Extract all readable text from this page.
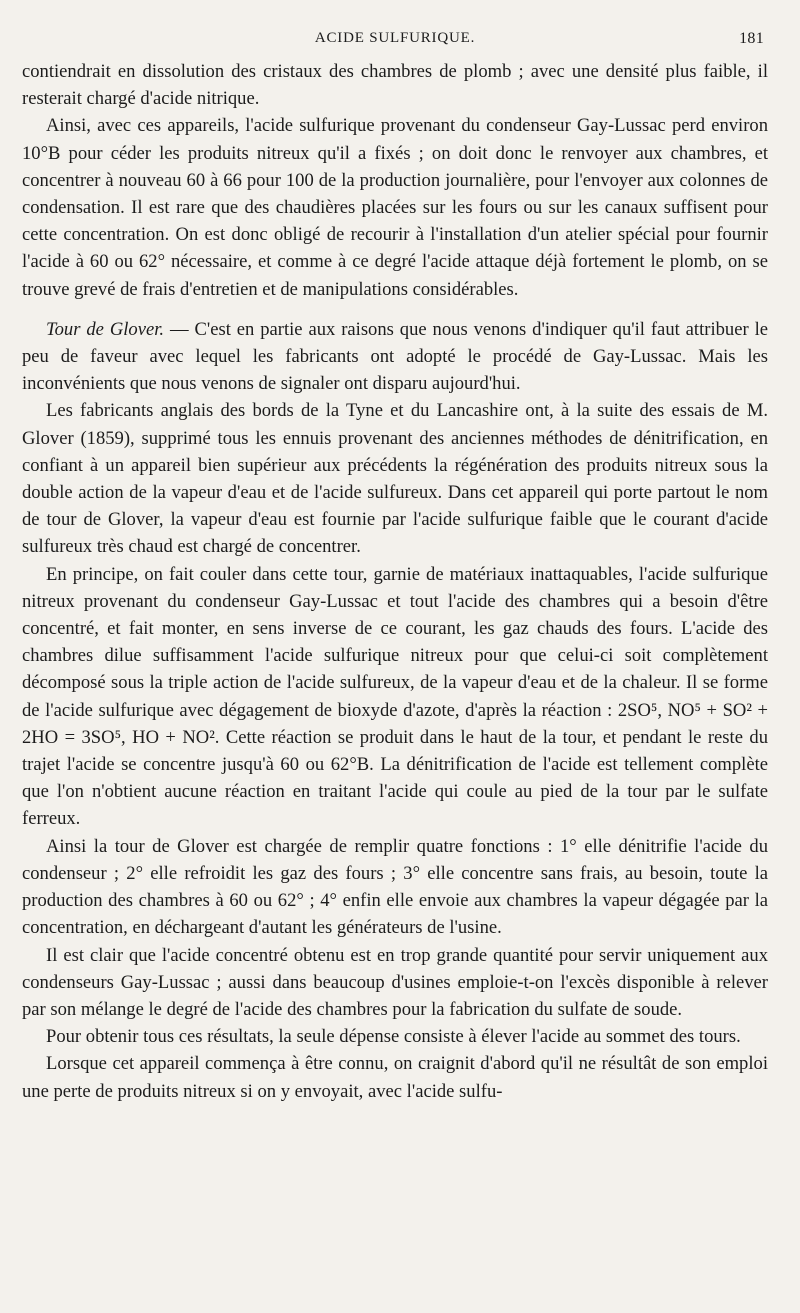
ACIDE SULFURIQUE.	181

contiendrait en dissolution des cristaux des chambres de plomb ; avec une densité plus faible, il resterait chargé d'acide nitrique.

Ainsi, avec ces appareils, l'acide sulfurique provenant du condenseur Gay-Lussac perd environ 10°B pour céder les produits nitreux qu'il a fixés ; on doit donc le renvoyer aux chambres, et concentrer à nouveau 60 à 66 pour 100 de la production journalière, pour l'envoyer aux colonnes de condensation. Il est rare que des chaudières placées sur les fours ou sur les canaux suffisent pour cette concentration. On est donc obligé de recourir à l'installation d'un atelier spécial pour fournir l'acide à 60 ou 62° nécessaire, et comme à ce degré l'acide attaque déjà fortement le plomb, on se trouve grevé de frais d'entretien et de manipulations considérables.

Tour de Glover. — C'est en partie aux raisons que nous venons d'indiquer qu'il faut attribuer le peu de faveur avec lequel les fabricants ont adopté le procédé de Gay-Lussac. Mais les inconvénients que nous venons de signaler ont disparu aujourd'hui.

Les fabricants anglais des bords de la Tyne et du Lancashire ont, à la suite des essais de M. Glover (1859), supprimé tous les ennuis provenant des anciennes méthodes de dénitrification, en confiant à un appareil bien supérieur aux précédents la régénération des produits nitreux sous la double action de la vapeur d'eau et de l'acide sulfureux. Dans cet appareil qui porte partout le nom de tour de Glover, la vapeur d'eau est fournie par l'acide sulfurique faible que le courant d'acide sulfureux très chaud est chargé de concentrer.

En principe, on fait couler dans cette tour, garnie de matériaux inattaquables, l'acide sulfurique nitreux provenant du condenseur Gay-Lussac et tout l'acide des chambres qui a besoin d'être concentré, et fait monter, en sens inverse de ce courant, les gaz chauds des fours. L'acide des chambres dilue suffisamment l'acide sulfurique nitreux pour que celui-ci soit complètement décomposé sous la triple action de l'acide sulfureux, de la vapeur d'eau et de la chaleur. Il se forme de l'acide sulfurique avec dégagement de bioxyde d'azote, d'après la réaction : 2SO⁵, NO⁵ + SO² + 2HO = 3SO⁵, HO + NO². Cette réaction se produit dans le haut de la tour, et pendant le reste du trajet l'acide se concentre jusqu'à 60 ou 62°B. La dénitrification de l'acide est tellement complète que l'on n'obtient aucune réaction en traitant l'acide qui coule au pied de la tour par le sulfate ferreux.

Ainsi la tour de Glover est chargée de remplir quatre fonctions : 1° elle dénitrifie l'acide du condenseur ; 2° elle refroidit les gaz des fours ; 3° elle concentre sans frais, au besoin, toute la production des chambres à 60 ou 62° ; 4° enfin elle envoie aux chambres la vapeur dégagée par la concentration, en déchargeant d'autant les générateurs de l'usine.

Il est clair que l'acide concentré obtenu est en trop grande quantité pour servir uniquement aux condenseurs Gay-Lussac ; aussi dans beaucoup d'usines emploie-t-on l'excès disponible à relever par son mélange le degré de l'acide des chambres pour la fabrication du sulfate de soude.

Pour obtenir tous ces résultats, la seule dépense consiste à élever l'acide au sommet des tours.

Lorsque cet appareil commença à être connu, on craignit d'abord qu'il ne résultât de son emploi une perte de produits nitreux si on y envoyait, avec l'acide sulfu-
